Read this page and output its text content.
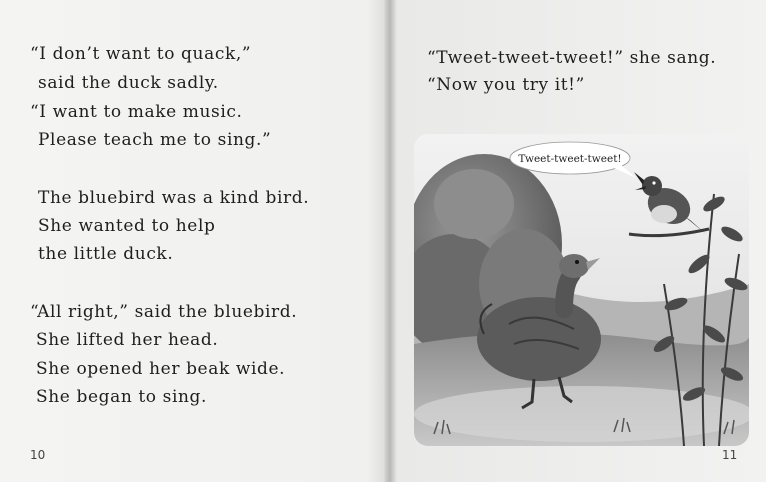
“I don’t want to quack,”
said the duck sadly.
“I want to make music.
Please teach me to sing.”
The bluebird was a kind bird.
She wanted to help
the little duck.
“All right,” said the bluebird.
She lifted her head.
She opened her beak wide.
She began to sing.
10
“Tweet-tweet-tweet!” she sang.
“Now you try it!”
Tweet-tweet-tweet!
11
